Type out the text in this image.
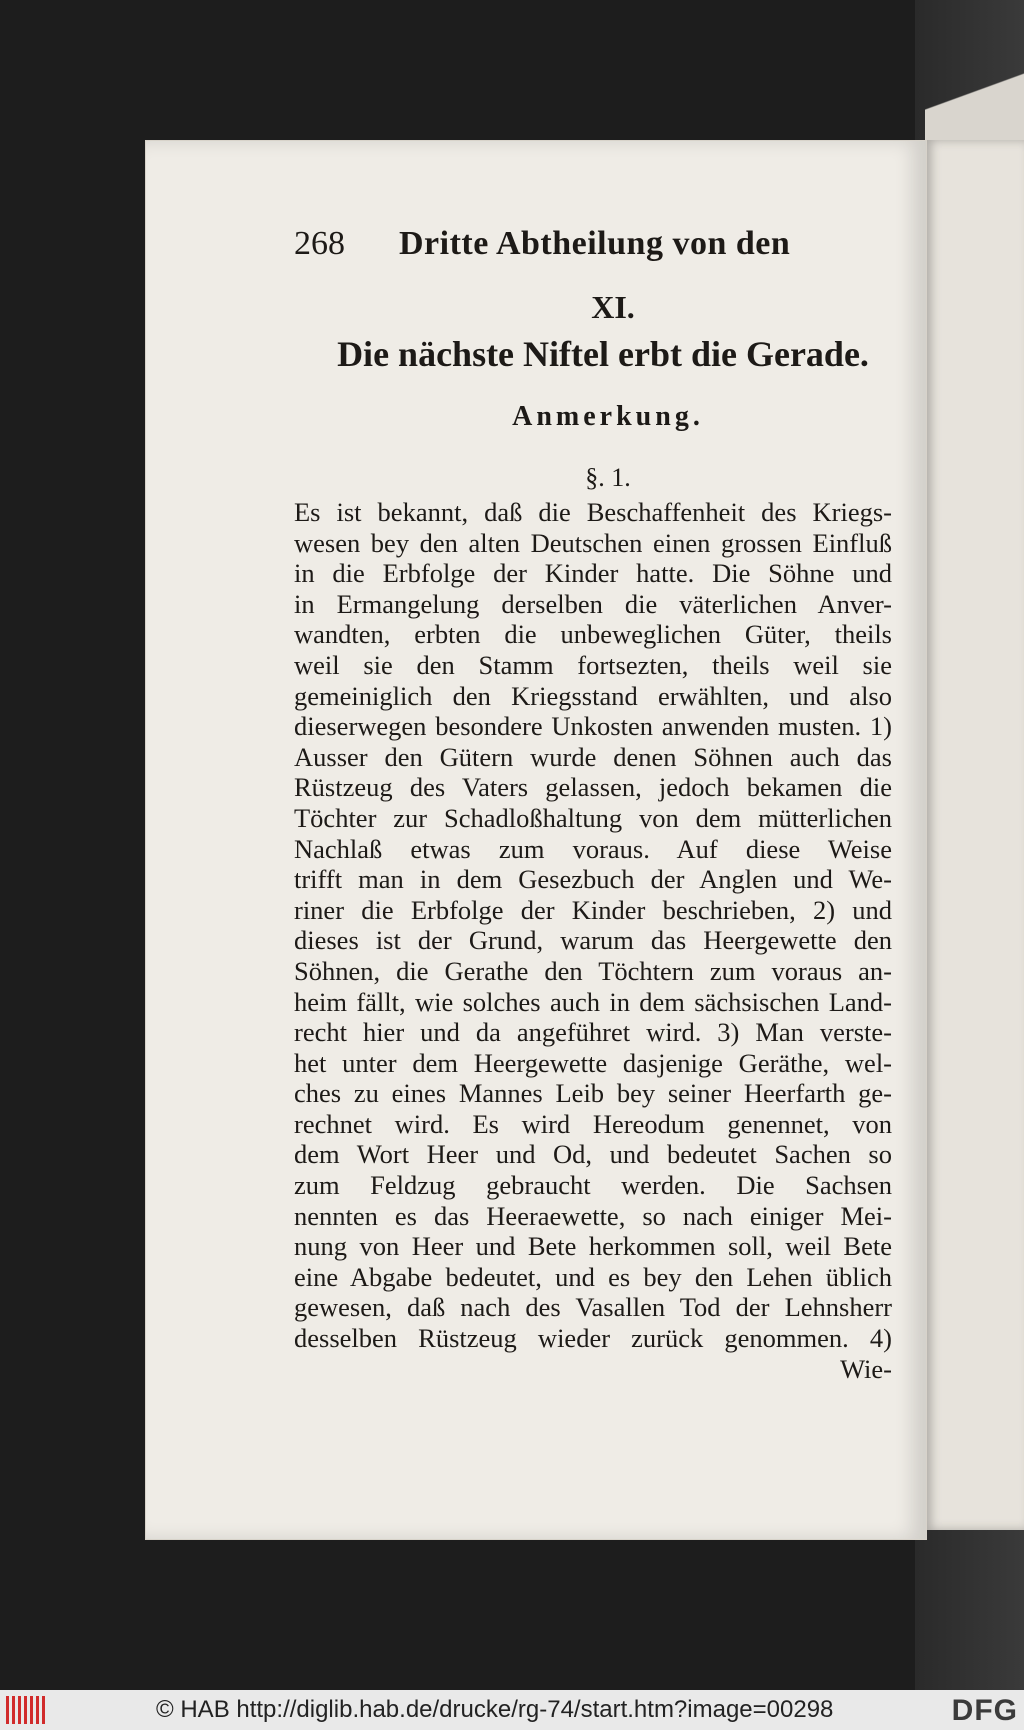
268	Dritte Abtheilung von den
XI.
Die nächste Niftel erbt die Gerade.
Anmerkung.
§. 1.
Es ist bekannt, daß die Beschaffenheit des Kriegs-
wesen bey den alten Deutschen einen grossen Einfluß
in die Erbfolge der Kinder hatte. Die Söhne und
in Ermangelung derselben die väterlichen Anver-
wandten, erbten die unbeweglichen Güter, theils
weil sie den Stamm fortsezten, theils weil sie
gemeiniglich den Kriegsstand erwählten, und also
dieserwegen besondere Unkosten anwenden musten. 1)
Ausser den Gütern wurde denen Söhnen auch das
Rüstzeug des Vaters gelassen, jedoch bekamen die
Töchter zur Schadloßhaltung von dem mütterlichen
Nachlaß etwas zum voraus. Auf diese Weise
trifft man in dem Gesezbuch der Anglen und We-
riner die Erbfolge der Kinder beschrieben, 2) und
dieses ist der Grund, warum das Heergewette den
Söhnen, die Gerathe den Töchtern zum voraus an-
heim fällt, wie solches auch in dem sächsischen Land-
recht hier und da angeführet wird. 3) Man verste-
het unter dem Heergewette dasjenige Geräthe, wel-
ches zu eines Mannes Leib bey seiner Heerfarth ge-
rechnet wird. Es wird Hereodum genennet, von
dem Wort Heer und Od, und bedeutet Sachen so
zum Feldzug gebraucht werden. Die Sachsen
nennten es das Heeraewette, so nach einiger Mei-
nung von Heer und Bete herkommen soll, weil Bete
eine Abgabe bedeutet, und es bey den Lehen üblich
gewesen, daß nach des Vasallen Tod der Lehnsherr
desselben Rüstzeug wieder zurück genommen. 4)
Wie-
© HAB http://diglib.hab.de/drucke/rg-74/start.htm?image=00298	DFG
